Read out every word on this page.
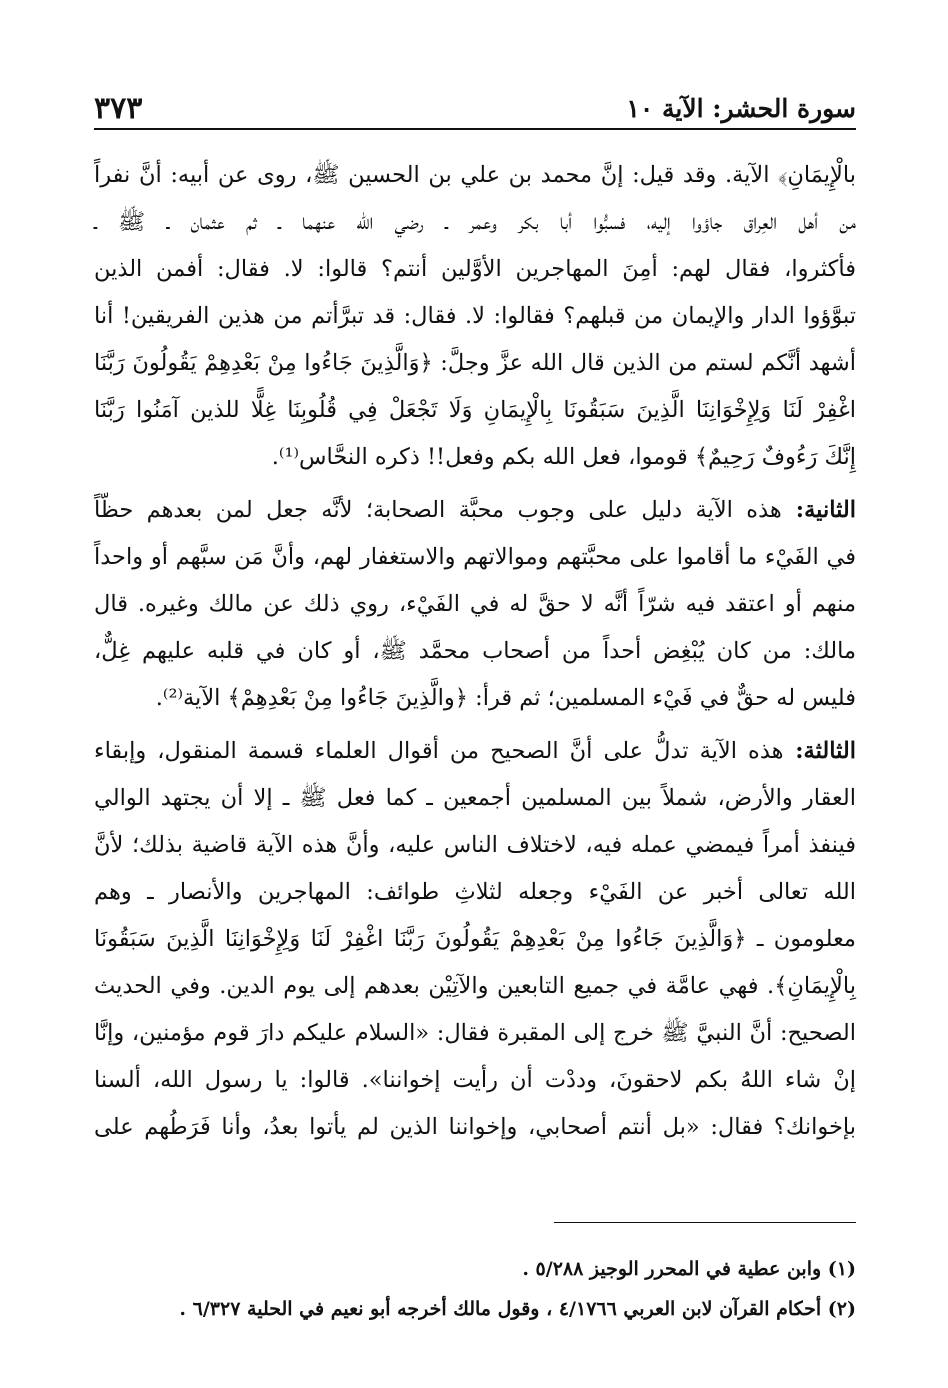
سورة الحشر: الآية ١٠
٣٧٣

بالْإِيمَانِ﴾ الآية. وقد قيل: إنَّ محمد بن علي بن الحسين ﷺ، روى عن أبيه: أنَّ نفراً
من أهل العِراق جاؤوا إليه، فسبُّوا أبا بكر وعمر ـ رضي الله عنهما ـ ثم عثمان ـ ﷺ ـ
فأكثروا، فقال لهم: أمِنَ المهاجرين الأوَّلين أنتم؟ قالوا: لا. فقال: أفمن الذين
تبوَّؤوا الدار والإيمان من قبلهم؟ فقالوا: لا. فقال: قد تبرَّأتم من هذين الفريقين! أنا
أشهد أنَّكم لستم من الذين قال الله عزَّ وجلَّ: ﴿وَالَّذِينَ جَاءُوا مِنْ بَعْدِهِمْ يَقُولُونَ رَبَّنَا
اغْفِرْ لَنَا وَلِإِخْوَانِنَا الَّذِينَ سَبَقُونَا بِالْإِيمَانِ وَلَا تَجْعَلْ فِي قُلُوبِنَا غِلًّا للذين آمَنُوا رَبَّنَا
إِنَّكَ رَءُوفٌ رَحِيمٌ﴾ قوموا، فعل الله بكم وفعل!! ذكره النحَّاس⁽¹⁾.

الثانية: هذه الآية دليل على وجوب محبَّة الصحابة؛ لأنَّه جعل لمن بعدهم حظّاً
في الفَيْء ما أقاموا على محبَّتهم وموالاتهم والاستغفار لهم، وأنَّ مَن سبَّهم أو واحداً
منهم أو اعتقد فيه شرّاً أنَّه لا حقَّ له في الفَيْء، روي ذلك عن مالك وغيره. قال
مالك: من كان يُبْغِض أحداً من أصحاب محمَّد ﷺ، أو كان في قلبه عليهم غِلٌّ،
فليس له حقٌّ في فَيْء المسلمين؛ ثم قرأ: ﴿والَّذِينَ جَاءُوا مِنْ بَعْدِهِمْ﴾ الآية⁽²⁾.

الثالثة: هذه الآية تدلُّ على أنَّ الصحيح من أقوال العلماء قسمة المنقول، وإبقاء
العقار والأرض، شملاً بين المسلمين أجمعين ـ كما فعل ﷺ ـ إلا أن يجتهد الوالي
فينفذ أمراً فيمضي عمله فيه، لاختلاف الناس عليه، وأنَّ هذه الآية قاضية بذلك؛ لأنَّ
الله تعالى أخبر عن الفَيْء وجعله لثلاثِ طوائف: المهاجرين والأنصار ـ وهم
معلومون ـ ﴿وَالَّذِينَ جَاءُوا مِنْ بَعْدِهِمْ يَقُولُونَ رَبَّنَا اغْفِرْ لَنَا وَلِإِخْوَانِنَا الَّذِينَ سَبَقُونَا
بِالْإِيمَانِ﴾. فهي عامَّة في جميع التابعين والآتِيْن بعدهم إلى يوم الدين. وفي الحديث
الصحيح: أنَّ النبيَّ ﷺ خرج إلى المقبرة فقال: «السلام عليكم دارَ قوم مؤمنين، وإنَّا
إنْ شاء اللهُ بكم لاحقونَ، وددْت أن رأيت إخواننا». قالوا: يا رسول الله، ألسنا
بإخوانك؟ فقال: «بل أنتم أصحابي، وإخواننا الذين لم يأتوا بعدُ، وأنا فَرَطُهم على

(١) وابن عطية في المحرر الوجيز ٥/٢٨٨ .
(٢) أحكام القرآن لابن العربي ٤/١٧٦٦ ، وقول مالك أخرجه أبو نعيم في الحلية ٦/٣٢٧ .
